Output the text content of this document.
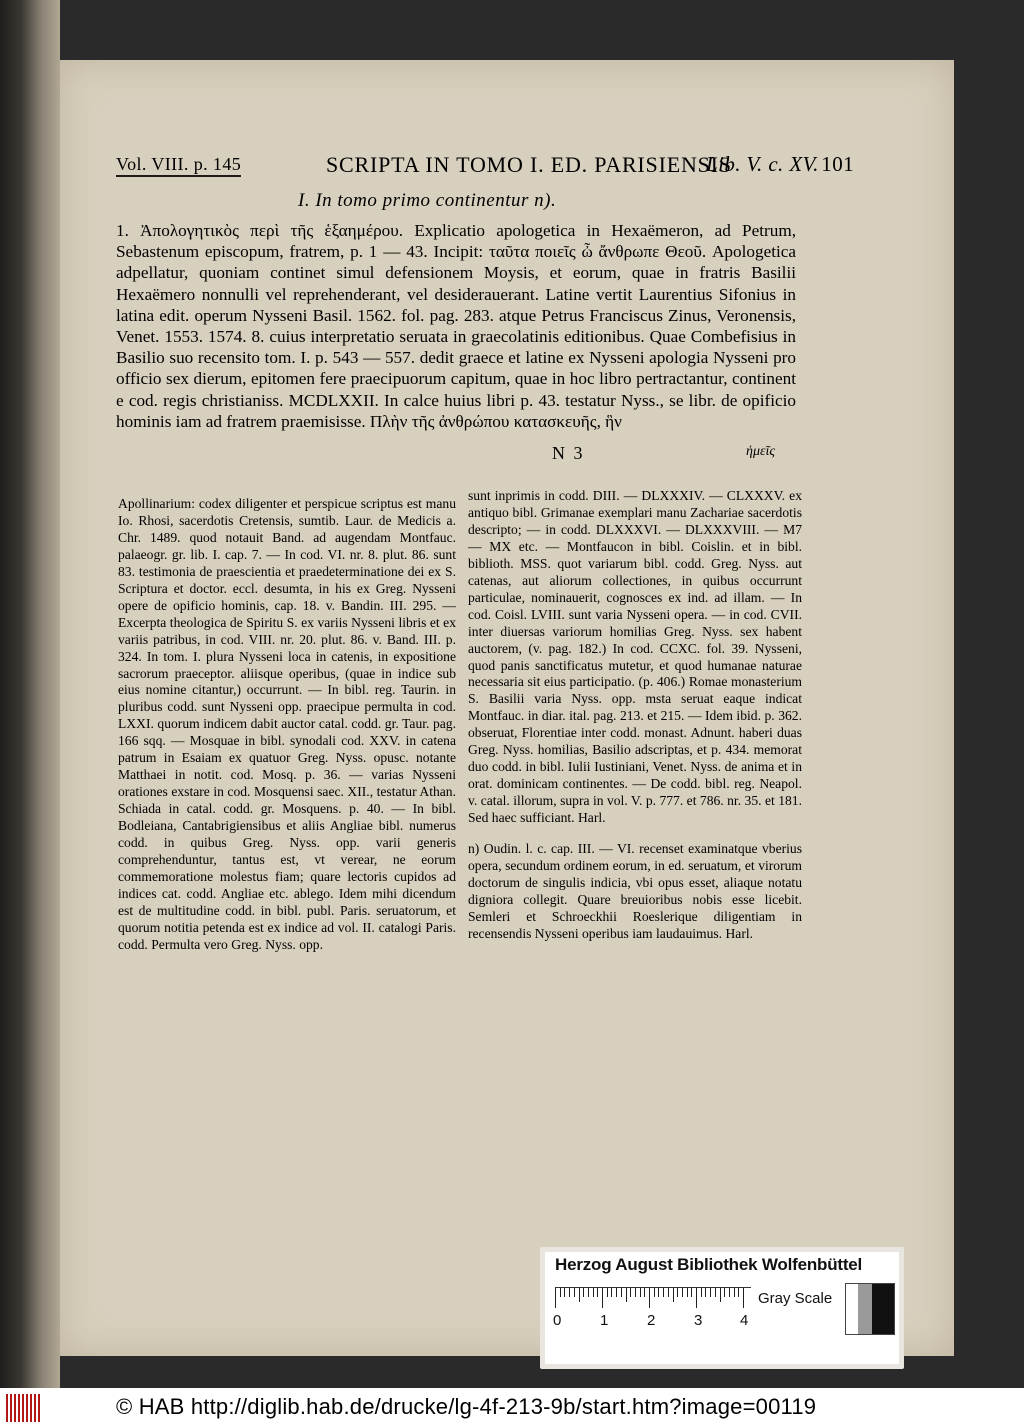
Vol. VIII. p. 145	SCRIPTA IN TOMO I. ED. PARISIENSIS
Lib. V. c. XV. 101
I. In tomo primo continentur n).

1. Ἀπολογητικὸς περὶ τῆς ἑξαημέρου. Explicatio apologetica in Hexaëmeron, ad Petrum, Sebastenum episcopum, fratrem, p. 1 — 43. Incipit: ταῦτα ποιεῖς ὦ ἄνθρωπε Θεοῦ. Apologetica adpellatur, quoniam continet simul defensionem Moysis, et eorum, quae in fratris Basilii Hexaëmero nonnulli vel reprehenderant, vel desiderauerant. Latine vertit Laurentius Sifonius in latina edit. operum Nysseni Basil. 1562. fol. pag. 283. atque Petrus Franciscus Zinus, Veronensis, Venet. 1553. 1574. 8. cuius interpretatio seruata in graecolatinis editionibus. Quae Combefisius in Basilio suo recensito tom. I. p. 543 — 557. dedit graece et latine ex Nysseni apologia Nysseni pro officio sex dierum, epitomen fere praecipuorum capitum, quae in hoc libro pertractantur, continent e cod. regis christianiss. MCDLXXII. In calce huius libri p. 43. testatur Nyss., se libr. de opificio hominis iam ad fratrem praemisisse. Πλὴν τῆς ἀνθρώπου κατασκευῆς, ἣν

N 3	ἡμεῖς

Apollinarium: codex diligenter et perspicue scriptus est manu Io. Rhosi, sacerdotis Cretensis, sumtib. Laur. de Medicis a. Chr. 1489. quod notauit Band. ad augendam Montfauc. palaeogr. gr. lib. I. cap. 7. — In cod. VI. nr. 8. plut. 86. sunt 83. testimonia de praescientia et praedeterminatione dei ex S. Scriptura et doctor. eccl. desumta, in his ex Greg. Nysseni opere de opificio hominis, cap. 18. v. Bandin. III. 295. — Excerpta theologica de Spiritu S. ex variis Nysseni libris et ex variis patribus, in cod. VIII. nr. 20. plut. 86. v. Band. III. p. 324. In tom. I. plura Nysseni loca in catenis, in expositione sacrorum praeceptor. aliisque operibus, (quae in indice sub eius nomine citantur,) occurrunt. — In bibl. reg. Taurin. in pluribus codd. sunt Nysseni opp. praecipue permulta in cod. LXXI. quorum indicem dabit auctor catal. codd. gr. Taur. pag. 166 sqq. — Mosquae in bibl. synodali cod. XXV. in catena patrum in Esaiam ex quatuor Greg. Nyss. opusc. notante Matthaei in notit. cod. Mosq. p. 36. — varias Nysseni orationes exstare in cod. Mosquensi saec. XII., testatur Athan. Schiada in catal. codd. gr. Mosquens. p. 40. — In bibl. Bodleiana, Cantabrigiensibus et aliis Angliae bibl. numerus codd. in quibus Greg. Nyss. opp. varii generis comprehenduntur, tantus est, vt verear, ne eorum commemoratione molestus fiam; quare lectoris cupidos ad indices cat. codd. Angliae etc. ablego. Idem mihi dicendum est de multitudine codd. in bibl. publ. Paris. seruatorum, et quorum notitia petenda est ex indice ad vol. II. catalogi Paris. codd. Permulta vero Greg. Nyss. opp.

sunt inprimis in codd. DIII. — DLXXXIV. — CLXXXV. ex antiquo bibl. Grimanae exemplari manu Zachariae sacerdotis descripto; — in codd. DLXXXVI. — DLXXXVIII. — M7 — MX etc. — Montfaucon in bibl. Coislin. et in bibl. biblioth. MSS. quot variarum bibl. codd. Greg. Nyss. aut catenas, aut aliorum collectiones, in quibus occurrunt particulae, nominauerit, cognosces ex ind. ad illam. — In cod. Coisl. LVIII. sunt varia Nysseni opera. — in cod. CVII. inter diuersas variorum homilias Greg. Nyss. sex habent auctorem, (v. pag. 182.) In cod. CCXC. fol. 39. Nysseni, quod panis sanctificatus mutetur, et quod humanae naturae necessaria sit eius participatio. (p. 406.) Romae monasterium S. Basilii varia Nyss. opp. msta seruat eaque indicat Montfauc. in diar. ital. pag. 213. et 215. — Idem ibid. p. 362. obseruat, Florentiae inter codd. monast. Adnunt. haberi duas Greg. Nyss. homilias, Basilio adscriptas, et p. 434. memorat duo codd. in bibl. Iulii Iustiniani, Venet. Nyss. de anima et in orat. dominicam continentes. — De codd. bibl. reg. Neapol. v. catal. illorum, supra in vol. V. p. 777. et 786. nr. 35. et 181. Sed haec sufficiant. Harl.

n) Oudin. l. c. cap. III. — VI. recenset examinatque vberius opera, secundum ordinem eorum, in ed. seruatum, et virorum doctorum de singulis indicia, vbi opus esset, aliaque notatu digniora collegit. Quare breuioribus nobis esse licebit. Semleri et Schroeckhii Roeslerique diligentiam in recensendis Nysseni operibus iam laudauimus. Harl.

Herzog August Bibliothek Wolfenbüttel
0	1	2	3	4
Gray Scale
© HAB http://diglib.hab.de/drucke/lg-4f-213-9b/start.htm?image=00119
